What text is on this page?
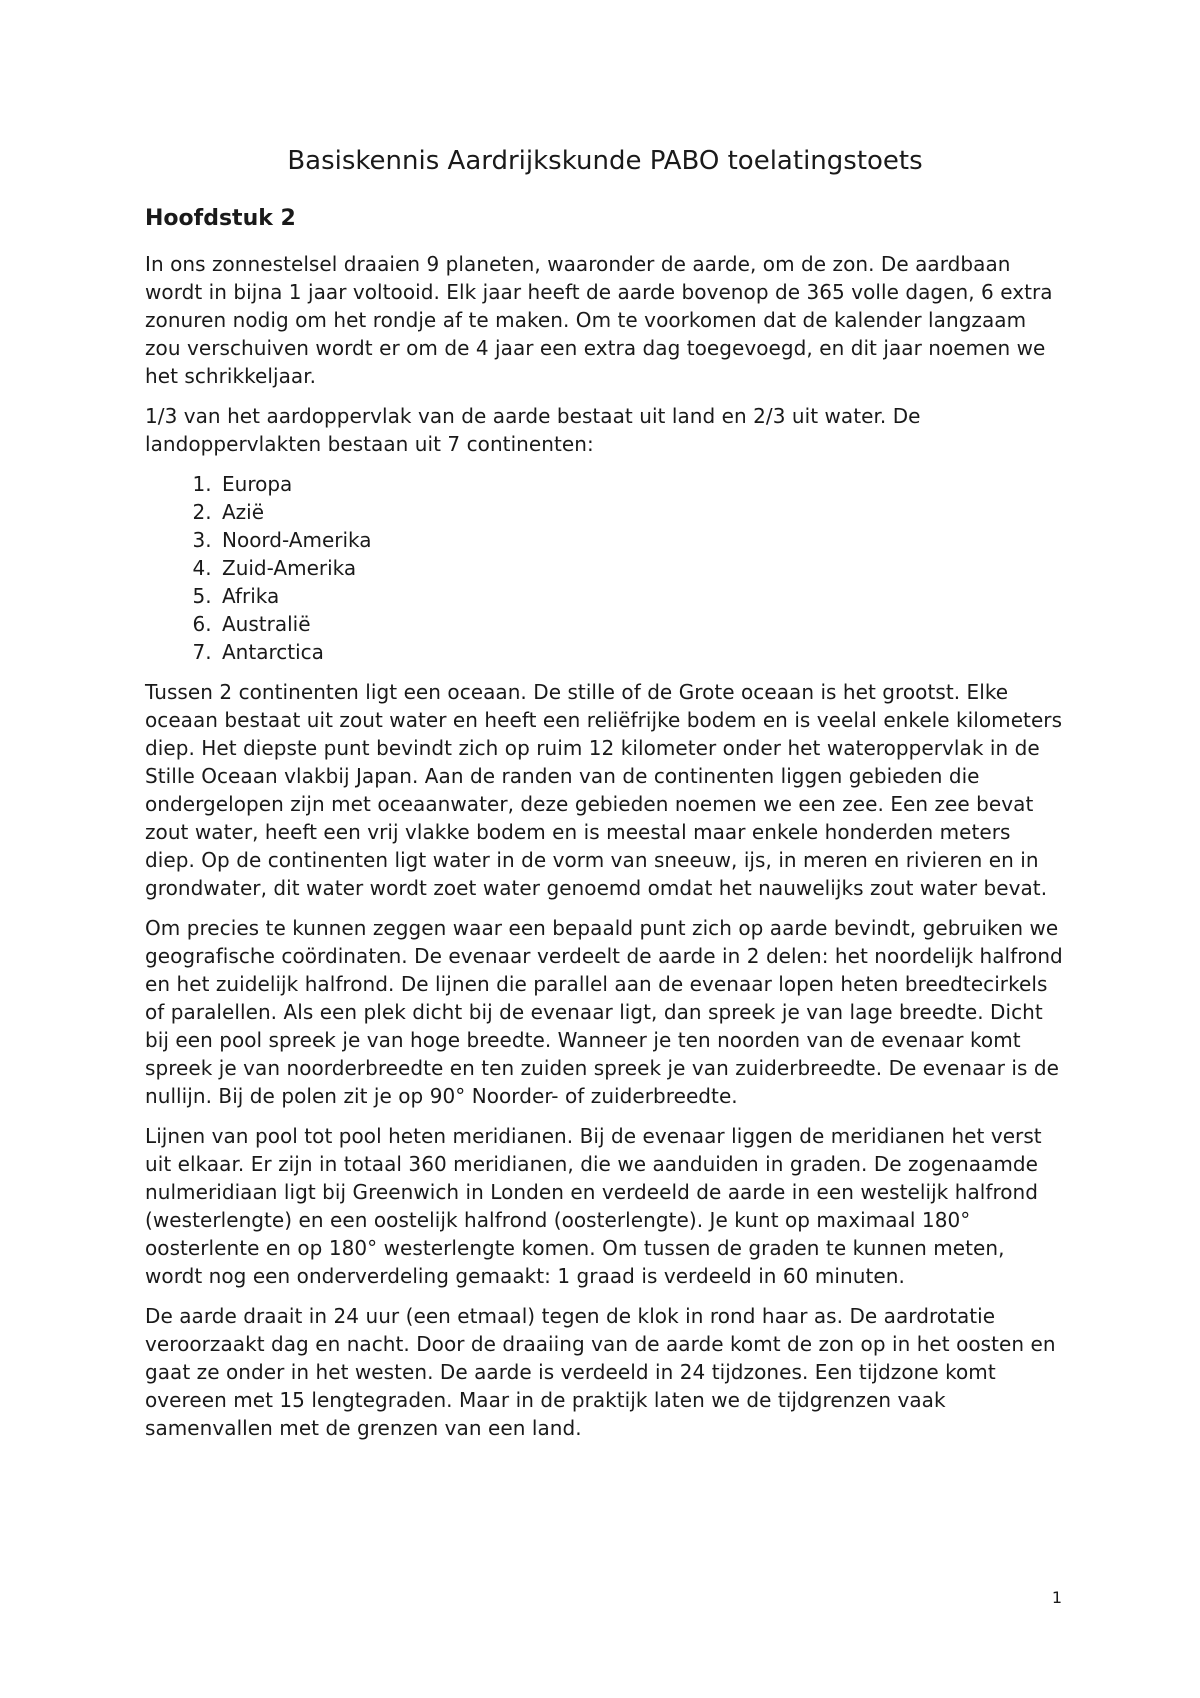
Basiskennis Aardrijkskunde PABO toelatingstoets
Hoofdstuk 2

In ons zonnestelsel draaien 9 planeten, waaronder de aarde, om de zon. De aardbaan wordt in bijna 1 jaar voltooid. Elk jaar heeft de aarde bovenop de 365 volle dagen, 6 extra zonuren nodig om het rondje af te maken. Om te voorkomen dat de kalender langzaam zou verschuiven wordt er om de 4 jaar een extra dag toegevoegd, en dit jaar noemen we het schrikkeljaar.

1/3 van het aardoppervlak van de aarde bestaat uit land en 2/3 uit water. De landoppervlakten bestaan uit 7 continenten:

1. Europa
2. Azië
3. Noord-Amerika
4. Zuid-Amerika
5. Afrika
6. Australië
7. Antarctica

Tussen 2 continenten ligt een oceaan. De stille of de Grote oceaan is het grootst. Elke oceaan bestaat uit zout water en heeft een reliëfrijke bodem en is veelal enkele kilometers diep. Het diepste punt bevindt zich op ruim 12 kilometer onder het wateroppervlak in de Stille Oceaan vlakbij Japan. Aan de randen van de continenten liggen gebieden die ondergelopen zijn met oceaanwater, deze gebieden noemen we een zee. Een zee bevat zout water, heeft een vrij vlakke bodem en is meestal maar enkele honderden meters diep. Op de continenten ligt water in de vorm van sneeuw, ijs, in meren en rivieren en in grondwater, dit water wordt zoet water genoemd omdat het nauwelijks zout water bevat.

Om precies te kunnen zeggen waar een bepaald punt zich op aarde bevindt, gebruiken we geografische coördinaten. De evenaar verdeelt de aarde in 2 delen: het noordelijk halfrond en het zuidelijk halfrond. De lijnen die parallel aan de evenaar lopen heten breedtecirkels of paralellen. Als een plek dicht bij de evenaar ligt, dan spreek je van lage breedte. Dicht bij een pool spreek je van hoge breedte. Wanneer je ten noorden van de evenaar komt spreek je van noorderbreedte en ten zuiden spreek je van zuiderbreedte. De evenaar is de nullijn. Bij de polen zit je op 90° Noorder- of zuiderbreedte.

Lijnen van pool tot pool heten meridianen. Bij de evenaar liggen de meridianen het verst uit elkaar. Er zijn in totaal 360 meridianen, die we aanduiden in graden. De zogenaamde nulmeridiaan ligt bij Greenwich in Londen en verdeeld de aarde in een westelijk halfrond (westerlengte) en een oostelijk halfrond (oosterlengte). Je kunt op maximaal 180° oosterlente en op 180° westerlengte komen. Om tussen de graden te kunnen meten, wordt nog een onderverdeling gemaakt: 1 graad is verdeeld in 60 minuten.

De aarde draait in 24 uur (een etmaal) tegen de klok in rond haar as. De aardrotatie veroorzaakt dag en nacht. Door de draaiing van de aarde komt de zon op in het oosten en gaat ze onder in het westen. De aarde is verdeeld in 24 tijdzones. Een tijdzone komt overeen met 15 lengtegraden. Maar in de praktijk laten we de tijdgrenzen vaak samenvallen met de grenzen van een land.

1
